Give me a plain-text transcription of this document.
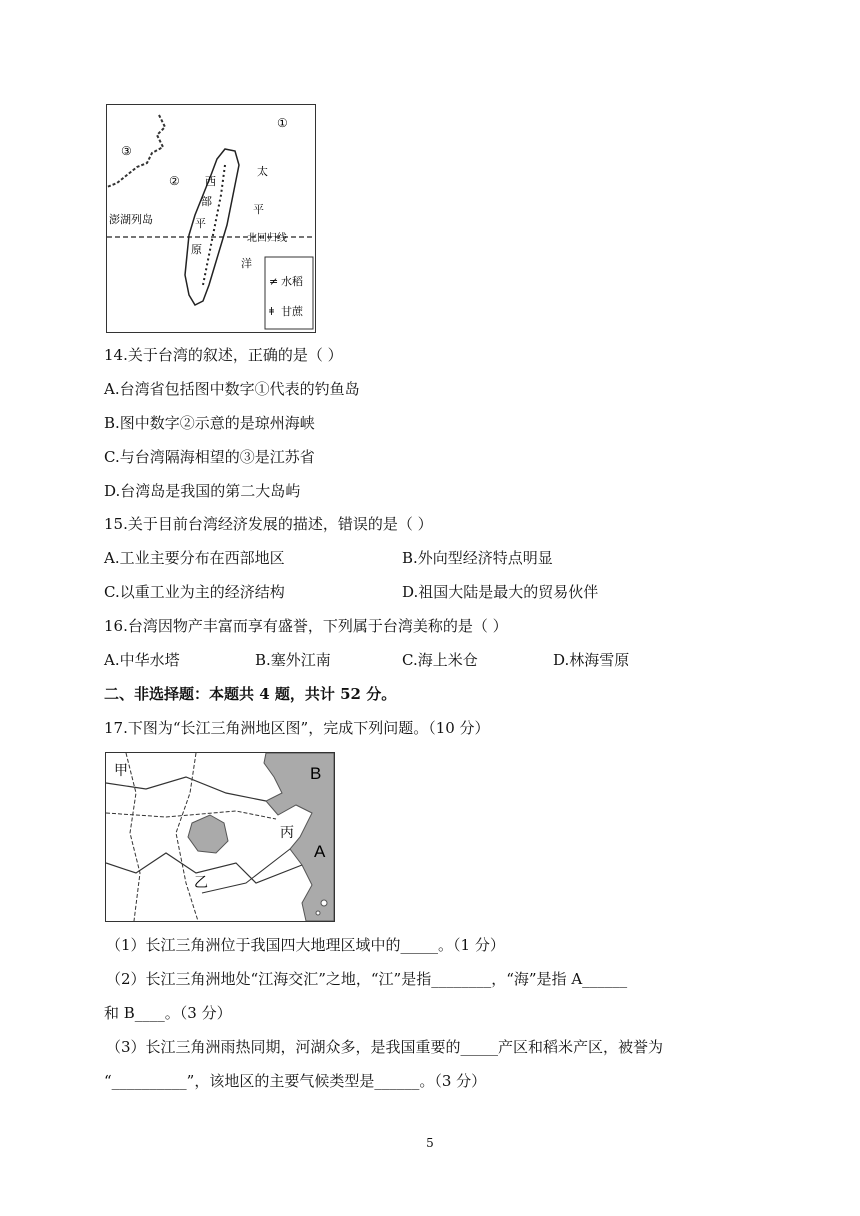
①
②
③
澎湖列岛
北回归线
太
平
洋
西
部
平
原
≠ 水稻
ǂ 甘蔗
14.关于台湾的叙述，正确的是（ ）
A.台湾省包括图中数字①代表的钓鱼岛
B.图中数字②示意的是琼州海峡
C.与台湾隔海相望的③是江苏省
D.台湾岛是我国的第二大岛屿
15.关于目前台湾经济发展的描述，错误的是（ ）
A.工业主要分布在西部地区	B.外向型经济特点明显
C.以重工业为主的经济结构	D.祖国大陆是最大的贸易伙伴
16.台湾因物产丰富而享有盛誉，下列属于台湾美称的是（ ）
A.中华水塔	B.塞外江南	C.海上米仓	D.林海雪原
二、非选择题：本题共 4 题，共计 52 分。
17.下图为“长江三角洲地区图”，完成下列问题。（10 分）
甲
乙
丙
A
B
（1）长江三角洲位于我国四大地理区域中的_____。（1 分）
（2）长江三角洲地处“江海交汇”之地，“江”是指________，“海”是指 A______
和 B____。（3 分）
（3）长江三角洲雨热同期，河湖众多，是我国重要的_____产区和稻米产区，被誉为
“__________”，该地区的主要气候类型是______。（3 分）
5
